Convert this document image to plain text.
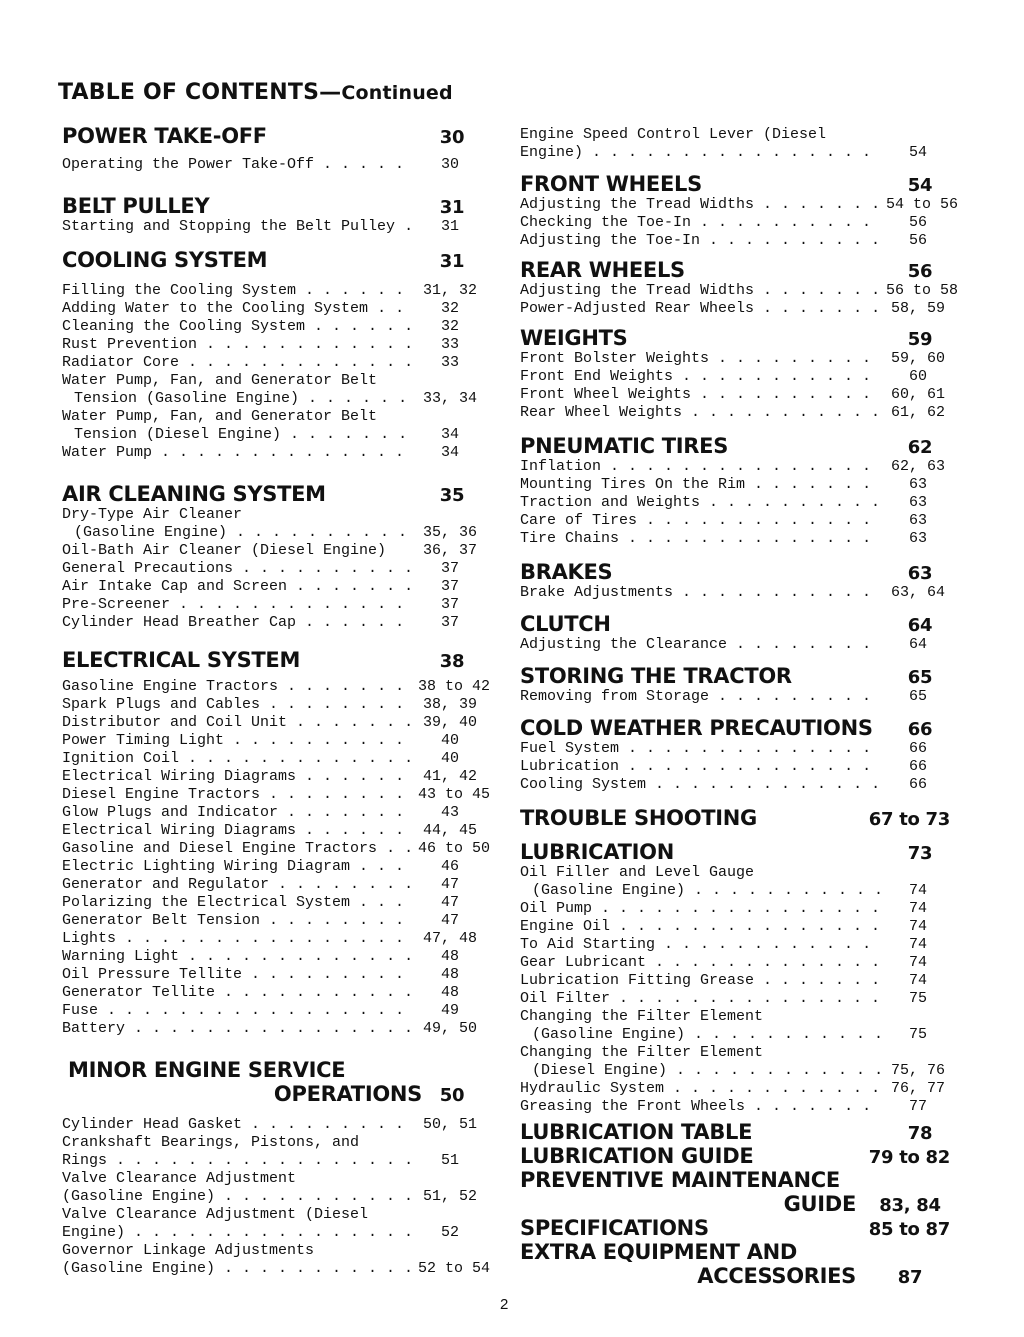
TABLE OF CONTENTS—Continued
POWER TAKE-OFF	30
Operating the Power Take-Off . . .	30
BELT PULLEY	31
Starting and Stopping the Belt Pulley . . .	31
COOLING SYSTEM	31
Filling the Cooling System . . .	31, 32
Adding Water to the Cooling System . . .	32
Cleaning the Cooling System . . .	32
Rust Prevention . . .	33
Radiator Core . . .	33
Water Pump, Fan, and Generator Belt
Tension (Gasoline Engine) . . .	33, 34
Water Pump, Fan, and Generator Belt
Tension (Diesel Engine) . . .	34
Water Pump . . .	34
AIR CLEANING SYSTEM	35
Dry-Type Air Cleaner
(Gasoline Engine) . . .	35, 36
Oil-Bath Air Cleaner (Diesel Engine)	36, 37
General Precautions . . .	37
Air Intake Cap and Screen . . .	37
Pre-Screener . . .	37
Cylinder Head Breather Cap . . .	37
ELECTRICAL SYSTEM	38
Gasoline Engine Tractors . . .	38 to 42
Spark Plugs and Cables . . .	38, 39
Distributor and Coil Unit . . .	39, 40
Power Timing Light . . .	40
Ignition Coil . . .	40
Electrical Wiring Diagrams . . .	41, 42
Diesel Engine Tractors . . .	43 to 45
Glow Plugs and Indicator . . .	43
Electrical Wiring Diagrams . . .	44, 45
Gasoline and Diesel Engine Tractors . . .	46 to 50
Electric Lighting Wiring Diagram . . .	46
Generator and Regulator . . .	47
Polarizing the Electrical System . . .	47
Generator Belt Tension . . .	47
Lights . . .	47, 48
Warning Light . . .	48
Oil Pressure Tellite . . .	48
Generator Tellite . . .	48
Fuse . . .	49
Battery . . .	49, 50
MINOR ENGINE SERVICE
OPERATIONS 50
Cylinder Head Gasket . . .	50, 51
Crankshaft Bearings, Pistons, and
Rings . . .	51
Valve Clearance Adjustment
(Gasoline Engine) . . .	51, 52
Valve Clearance Adjustment (Diesel
Engine) . . .	52
Governor Linkage Adjustments
(Gasoline Engine) . . .	52 to 54
Engine Speed Control Lever (Diesel
Engine) . . .	54
FRONT WHEELS	54
Adjusting the Tread Widths . . .	54 to 56
Checking the Toe-In . . .	56
Adjusting the Toe-In . . .	56
REAR WHEELS	56
Adjusting the Tread Widths . . .	56 to 58
Power-Adjusted Rear Wheels . . .	58, 59
WEIGHTS	59
Front Bolster Weights . . .	59, 60
Front End Weights . . .	60
Front Wheel Weights . . .	60, 61
Rear Wheel Weights . . .	61, 62
PNEUMATIC TIRES	62
Inflation . . .	62, 63
Mounting Tires On the Rim . . .	63
Traction and Weights . . .	63
Care of Tires . . .	63
Tire Chains . . .	63
BRAKES	63
Brake Adjustments . . .	63, 64
CLUTCH	64
Adjusting the Clearance . . .	64
STORING THE TRACTOR	65
Removing from Storage . . .	65
COLD WEATHER PRECAUTIONS	66
Fuel System . . .	66
Lubrication . . .	66
Cooling System . . .	66
TROUBLE SHOOTING	67 to 73
LUBRICATION	73
Oil Filler and Level Gauge
(Gasoline Engine) . . .	74
Oil Pump . . .	74
Engine Oil . . .	74
To Aid Starting . . .	74
Gear Lubricant . . .	74
Lubrication Fitting Grease . . .	74
Oil Filter . . .	75
Changing the Filter Element
(Gasoline Engine) . . .	75
Changing the Filter Element
(Diesel Engine) . . .	75, 76
Hydraulic System . . .	76, 77
Greasing the Front Wheels . . .	77
LUBRICATION TABLE	78
LUBRICATION GUIDE	79 to 82
PREVENTIVE MAINTENANCE
GUIDE	83, 84
SPECIFICATIONS	85 to 87
EXTRA EQUIPMENT AND
ACCESSORIES	87
2
